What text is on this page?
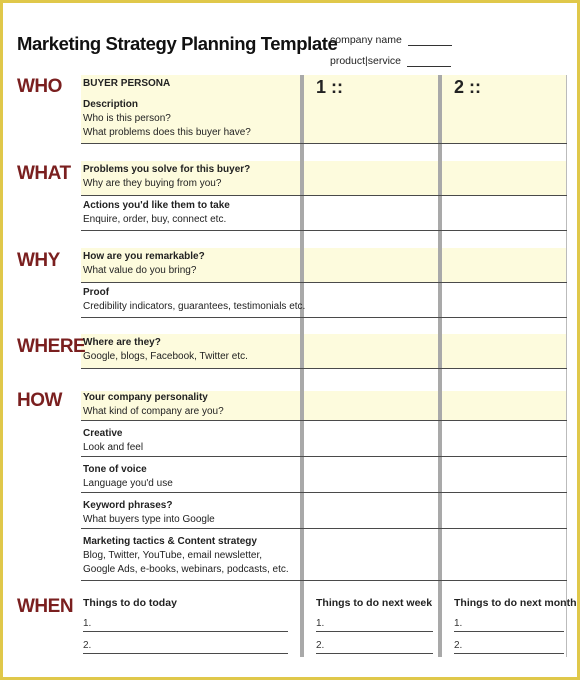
Marketing Strategy Planning Template
company name
product|service
1 ::	2 ::
WHO
WHAT
WHY
WHERE
HOW
WHEN
BUYER PERSONA
Description
Who is this person?
What problems does this buyer have?
Problems you solve for this buyer?
Why are they buying from you?
Actions you'd like them to take
Enquire, order, buy, connect etc.
How are you remarkable?
What value do you bring?
Proof
Credibility indicators, guarantees, testimonials etc.
Where are they?
Google, blogs, Facebook, Twitter etc.
Your company personality
What kind of company are you?
Creative
Look and feel
Tone of voice
Language you'd use
Keyword phrases?
What buyers type into Google
Marketing tactics & Content strategy
Blog, Twitter, YouTube, email newsletter,
Google Ads, e-books, webinars, podcasts, etc.
Things to do today	Things to do next week Things to do next month
1.
2.
1.
2.
1.
2.
